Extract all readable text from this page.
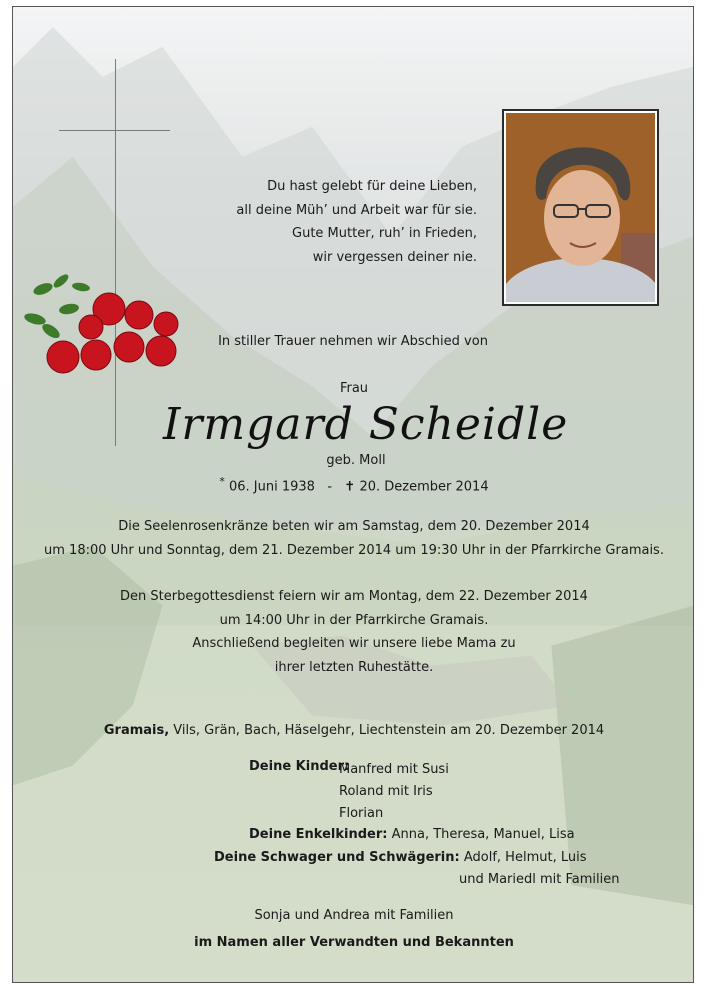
Du hast gelebt für deine Lieben,
all deine Müh’ und Arbeit war für sie.
Gute Mutter, ruh’ in Frieden,
wir vergessen deiner nie.
In stiller Trauer nehmen wir Abschied von
Frau
Irmgard Scheidle
geb. Moll
* 06. Juni 1938 - ✝ 20. Dezember 2014
Die Seelenrosenkränze beten wir am Samstag, dem 20. Dezember 2014
um 18:00 Uhr und Sonntag, dem 21. Dezember 2014 um 19:30 Uhr in der Pfarrkirche Gramais.
Den Sterbegottesdienst feiern wir am Montag, dem 22. Dezember 2014
um 14:00 Uhr in der Pfarrkirche Gramais.
Anschließend begleiten wir unsere liebe Mama zu
ihrer letzten Ruhestätte.
Gramais, Vils, Grän, Bach, Häselgehr, Liechtenstein am 20. Dezember 2014
Deine Kinder:
Manfred mit Susi
Roland mit Iris
Florian
Deine Enkelkinder: Anna, Theresa, Manuel, Lisa
Deine Schwager und Schwägerin: Adolf, Helmut, Luis
und Mariedl mit Familien
Sonja und Andrea mit Familien
im Namen aller Verwandten und Bekannten
